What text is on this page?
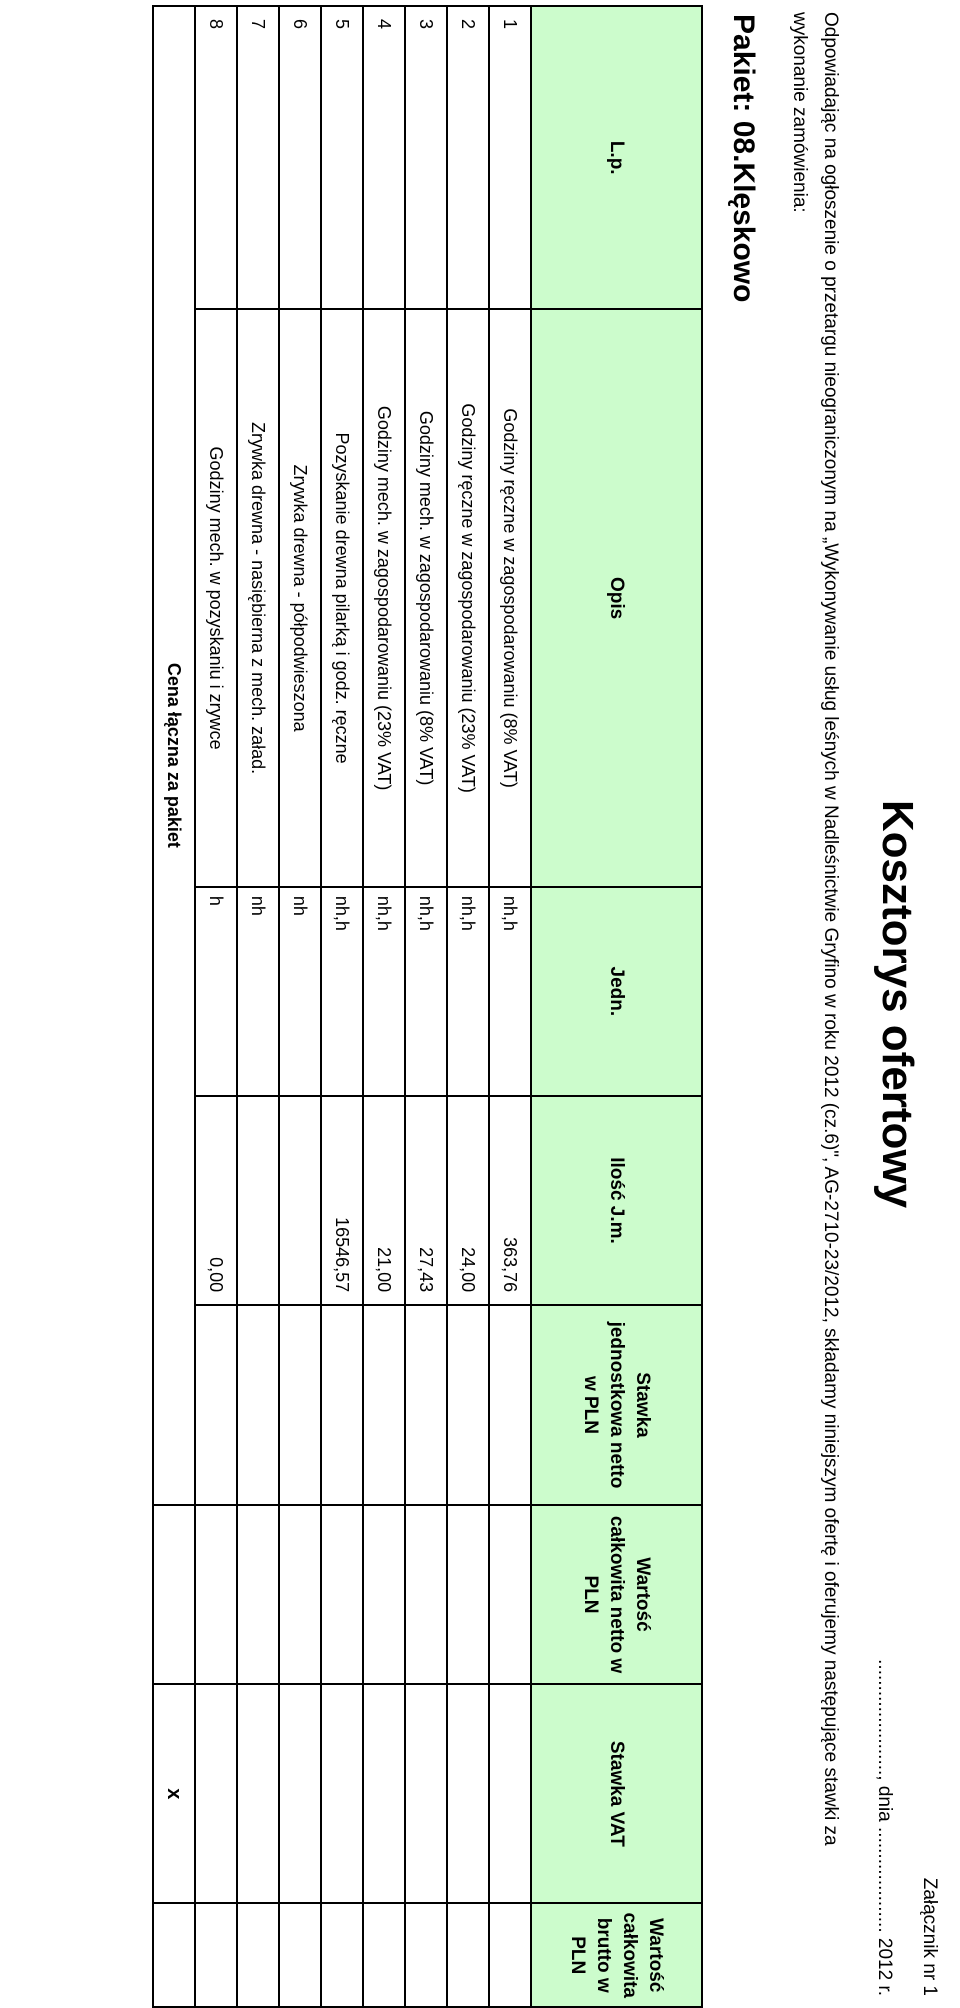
Załącznik nr 1
......................, dnia .................... 2012 r.
Kosztorys ofertowy
Odpowiadając na ogłoszenie o przetargu nieograniczonym na „Wykonywanie usług leśnych w Nadleśnictwie Gryfino w roku 2012 (cz.6)", AG-2710-23/2012, składamy niniejszym ofertę i oferujemy następujące stawki za wykonanie zamówienia:
Pakiet: 08.Klęskowo
L.p.	Opis	Jedn.	Ilość J.m.	Stawka jednostkowa netto w PLN	Wartość całkowita netto w PLN	Stawka VAT	Wartość całkowita brutto w PLN
1	Godziny ręczne w zagospodarowaniu (8% VAT)	nh,h	363,76				
2	Godziny ręczne w zagospodarowaniu (23% VAT)	nh,h	24,00				
3	Godziny mech. w zagospodarowaniu (8% VAT)	nh,h	27,43				
4	Godziny mech. w zagospodarowaniu (23% VAT)	nh,h	21,00				
5	Pozyskanie drewna pilarką i godz. ręczne	nh,h	16546,57				
6	Zrywka drewna - półpodwieszona	nh					
7	Zrywka drewna - nasiębierna z mech. załad.	nh					
8	Godziny mech. w pozyskaniu i zrywce	h	0,00				
Cena łączna za pakiet						x	
